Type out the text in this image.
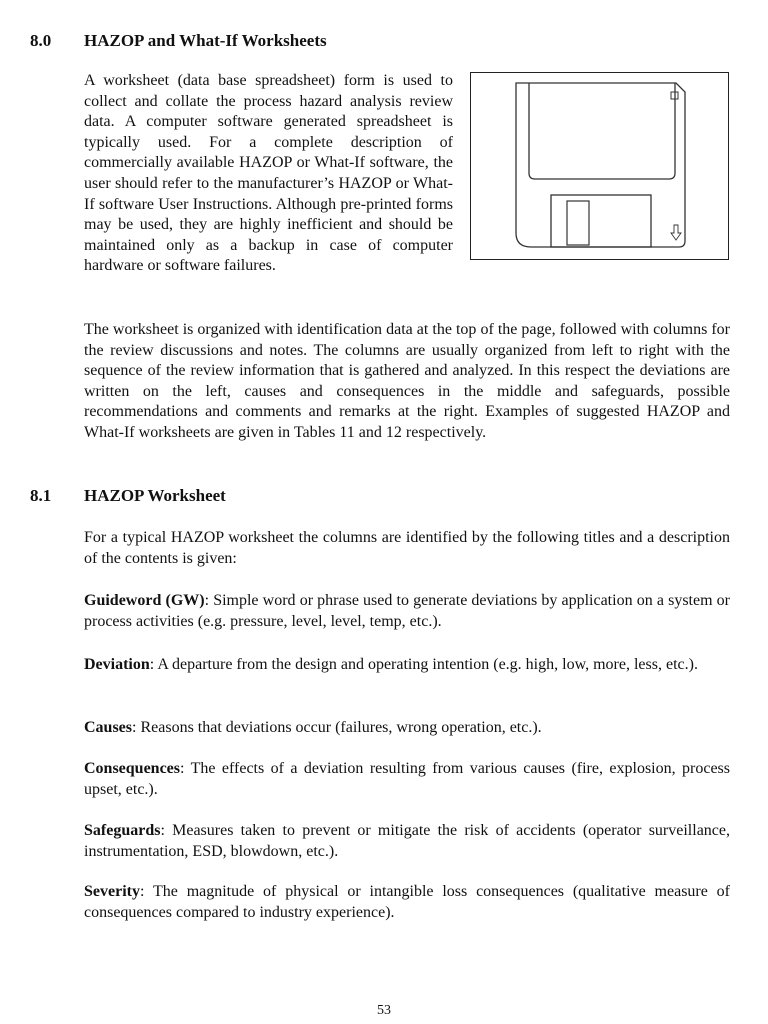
8.0 HAZOP and What-If Worksheets

A worksheet (data base spreadsheet) form is used to collect and collate the process hazard analysis review data. A computer software generated spreadsheet is typically used. For a complete description of commercially available HAZOP or What-If software, the user should refer to the manufacturer’s HAZOP or What- If software User Instructions. Although pre-printed forms may be used, they are highly inefficient and should be maintained only as a backup in case of computer hardware or software failures.

The worksheet is organized with identification data at the top of the page, followed with columns for the review discussions and notes. The columns are usually organized from left to right with the sequence of the review information that is gathered and analyzed. In this respect the deviations are written on the left, causes and consequences in the middle and safeguards, possible recommendations and comments and remarks at the right. Examples of suggested HAZOP and What-If worksheets are given in Tables 11 and 12 respectively.

8.1 HAZOP Worksheet

For a typical HAZOP worksheet the columns are identified by the following titles and a description of the contents is given:

Guideword (GW): Simple word or phrase used to generate deviations by application on a system or process activities (e.g. pressure, level, level, temp, etc.).

Deviation: A departure from the design and operating intention (e.g. high, low, more, less, etc.).

Causes: Reasons that deviations occur (failures, wrong operation, etc.).

Consequences: The effects of a deviation resulting from various causes (fire, explosion, process upset, etc.).

Safeguards: Measures taken to prevent or mitigate the risk of accidents (operator surveillance, instrumentation, ESD, blowdown, etc.).

Severity: The magnitude of physical or intangible loss consequences (qualitative measure of consequences compared to industry experience).

53
